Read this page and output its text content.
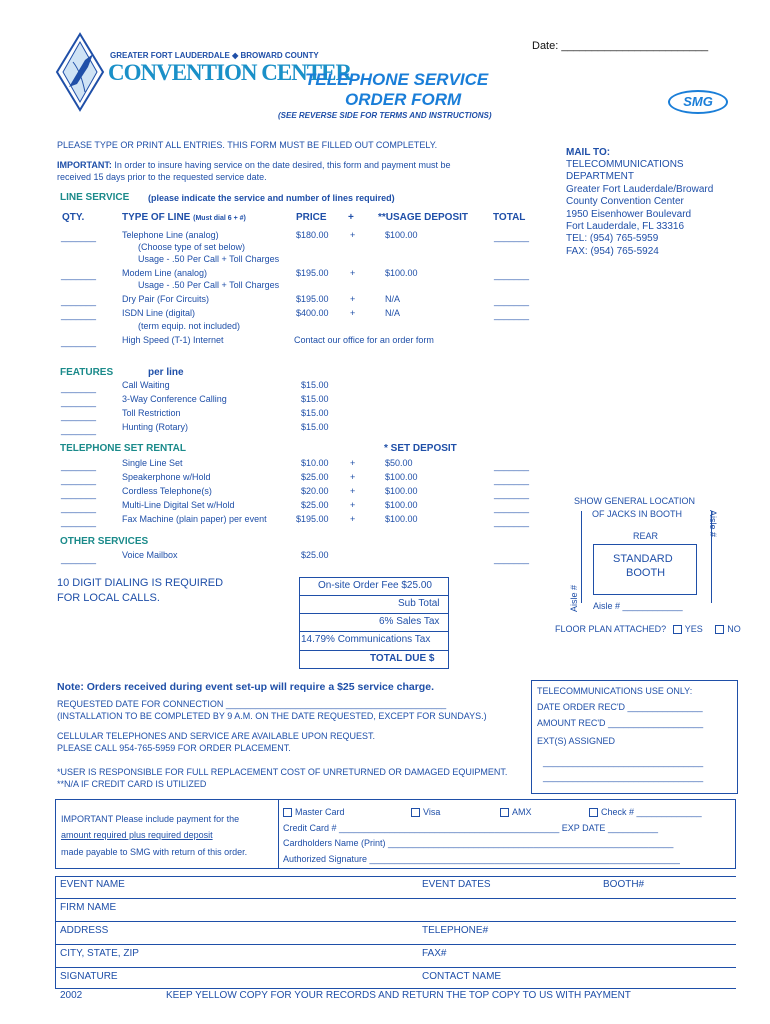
Date: ________________________
GREATER FORT LAUDERDALE ◆ BROWARD COUNTY
CONVENTION CENTER
TELEPHONE SERVICE
ORDER FORM
(SEE REVERSE SIDE FOR TERMS AND INSTRUCTIONS)
SMG
PLEASE TYPE OR PRINT ALL ENTRIES. THIS FORM MUST BE FILLED OUT COMPLETELY.
IMPORTANT: In order to insure having service on the date desired, this form and payment must be
received 15 days prior to the requested service date.
MAIL TO:
TELECOMMUNICATIONS
DEPARTMENT
Greater Fort Lauderdale/Broward
County Convention Center
1950 Eisenhower Boulevard
Fort Lauderdale, FL 33316
TEL: (954) 765-5959
FAX: (954) 765-5924
LINE SERVICE (please indicate the service and number of lines required)
QTY.	TYPE OF LINE (Must dial 6 + #)	PRICE + **USAGE DEPOSIT TOTAL
_______	Telephone Line (analog)	$180.00 +	$100.00	_______
(Choose type of set below)
Usage - .50 Per Call + Toll Charges
_______	Modem Line (analog)	$195.00 +	$100.00	_______
Usage - .50 Per Call + Toll Charges
_______	Dry Pair (For Circuits)	$195.00 +	N/A	_______
_______	ISDN Line (digital)	$400.00 +	N/A	_______
(term equip. not included)
_______	High Speed (T-1) Internet	Contact our office for an order form
FEATURES	per line
_______	Call Waiting	$15.00
_______	3-Way Conference Calling	$15.00
_______	Toll Restriction	$15.00
_______	Hunting (Rotary)	$15.00
TELEPHONE SET RENTAL	* SET DEPOSIT
_______	Single Line Set	$10.00 +	$50.00	_______
_______	Speakerphone w/Hold	$25.00 +	$100.00	_______
_______	Cordless Telephone(s)	$20.00 +	$100.00	_______
_______	Multi-Line Digital Set w/Hold	$25.00 +	$100.00	_______
_______	Fax Machine (plain paper) per event	$195.00 +	$100.00	_______
OTHER SERVICES
_______	Voice Mailbox	$25.00	_______
10 DIGIT DIALING IS REQUIRED
FOR LOCAL CALLS.
On-site Order Fee $25.00
Sub Total
6% Sales Tax
14.79% Communications Tax
TOTAL DUE $
SHOW GENERAL LOCATION
OF JACKS IN BOOTH
REAR
STANDARD
BOOTH
Aisle #
Aisle #
Aisle # ____________
FLOOR PLAN ATTACHED? YES	NO
Note: Orders received during event set-up will require a $25 service charge.
REQUESTED DATE FOR CONNECTION ____________________________________________
(INSTALLATION TO BE COMPLETED BY 9 A.M. ON THE DATE REQUESTED, EXCEPT FOR SUNDAYS.)
CELLULAR TELEPHONES AND SERVICE ARE AVAILABLE UPON REQUEST.
PLEASE CALL 954-765-5959 FOR ORDER PLACEMENT.
*USER IS RESPONSIBLE FOR FULL REPLACEMENT COST OF UNRETURNED OR DAMAGED EQUIPMENT.
**N/A IF CREDIT CARD IS UTILIZED
TELECOMMUNICATIONS USE ONLY:
DATE ORDER REC'D _______________
AMOUNT REC'D ___________________
EXT(S) ASSIGNED
________________________________
________________________________
IMPORTANT Please include payment for the
amount required plus required deposit
made payable to SMG with return of this order.
Master Card	Visa	AMX	Check # _____________
Credit Card # ____________________________________________ EXP DATE __________
Cardholders Name (Print) _________________________________________________________
Authorized Signature ______________________________________________________________
EVENT NAME	EVENT DATES	BOOTH#
FIRM NAME
ADDRESS	TELEPHONE#
CITY, STATE, ZIP	FAX#
SIGNATURE	CONTACT NAME
2002	KEEP YELLOW COPY FOR YOUR RECORDS AND RETURN THE TOP COPY TO US WITH PAYMENT
